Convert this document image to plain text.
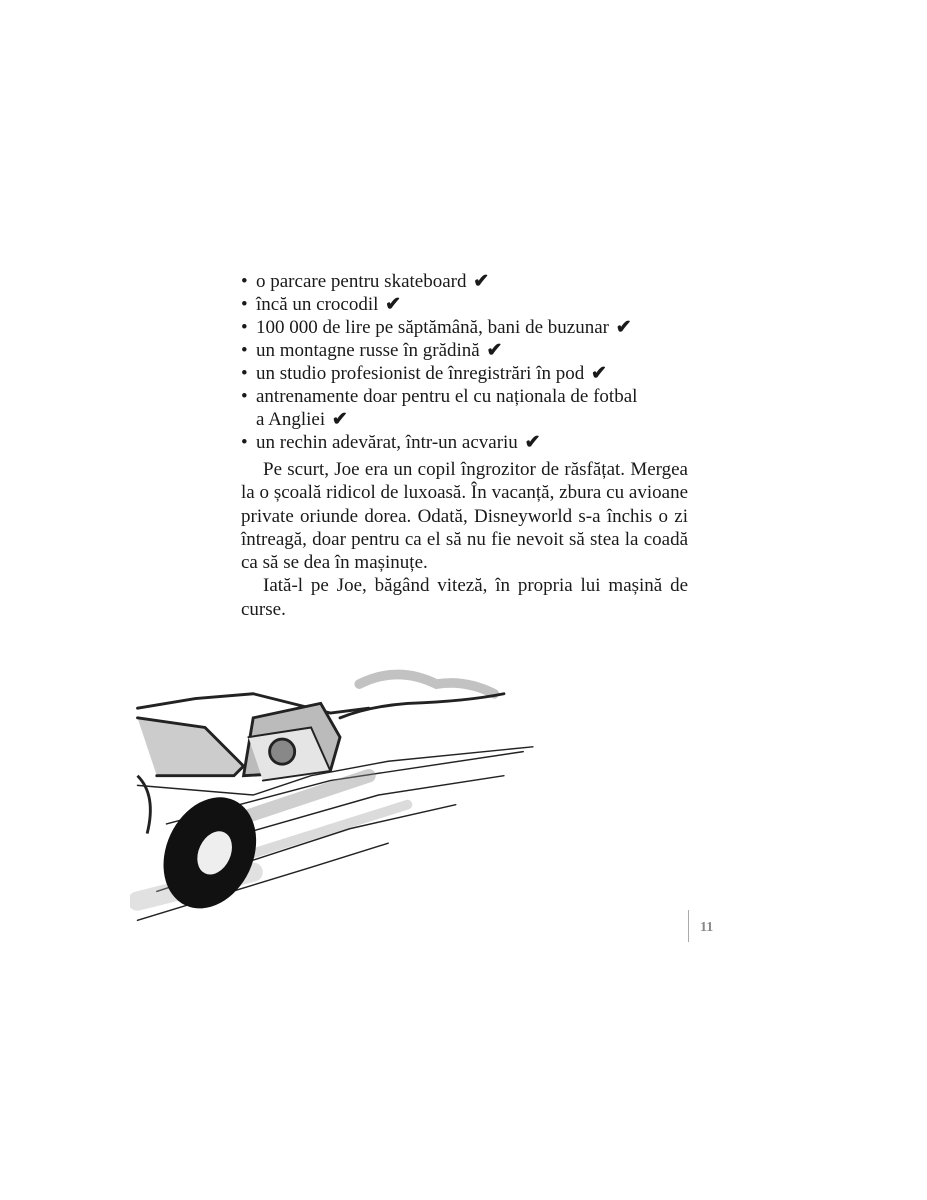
• o parcare pentru skateboard ✔
• încă un crocodil ✔
• 100 000 de lire pe săptămână, bani de buzunar ✔
• un montagne russe în grădină ✔
• un studio profesionist de înregistrări în pod ✔
• antrenamente doar pentru el cu naționala de fotbal
a Angliei ✔
• un rechin adevărat, într-un acvariu ✔

Pe scurt, Joe era un copil îngrozitor de răsfățat. Mergea la o școală ridicol de luxoasă. În vacanță, zbura cu avioane private oriunde dorea. Odată, Disneyworld s-a închis o zi întreagă, doar pentru ca el să nu fie nevoit să stea la coadă ca să se dea în mașinuțe.

Iată-l pe Joe, băgând viteză, în propria lui mașină de curse.

11
